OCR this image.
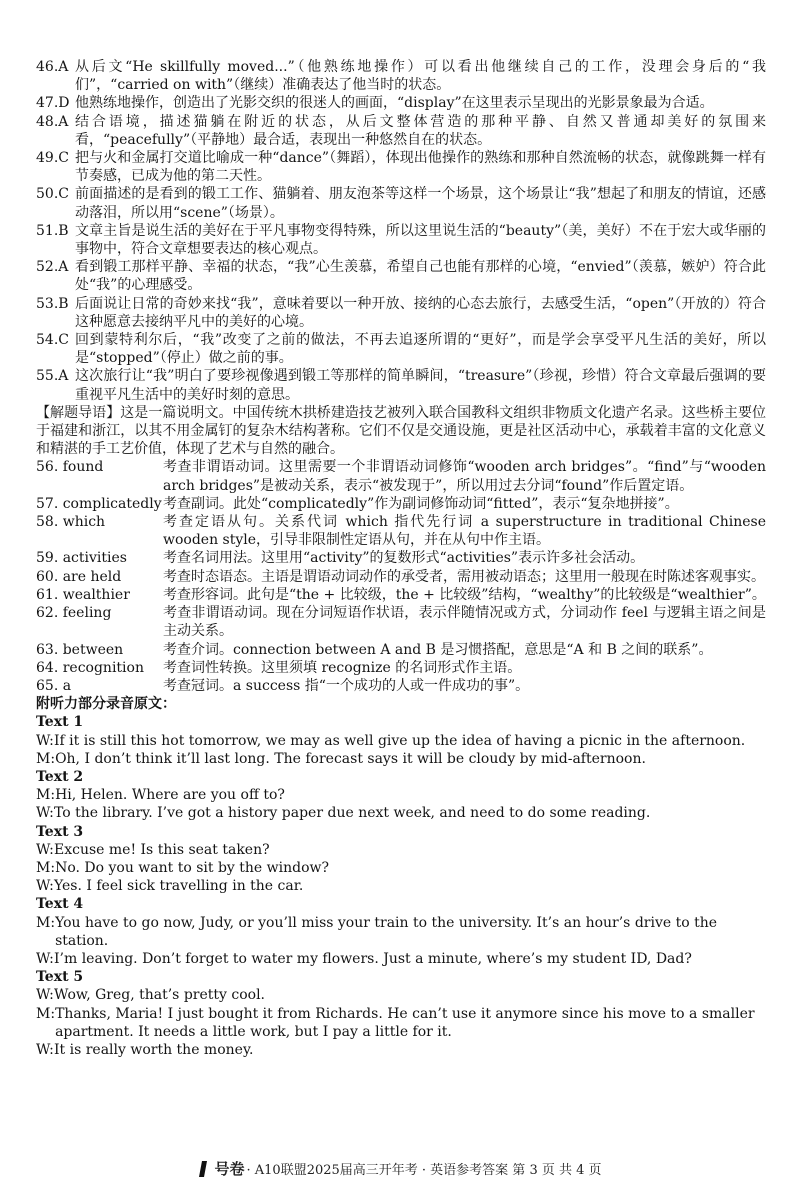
46.A 从后文“He skillfully moved...”（他熟练地操作）可以看出他继续自己的工作，没理会身后的“我们”，“carried on with”（继续）准确表达了他当时的状态。
47.D 他熟练地操作，创造出了光影交织的很迷人的画面，“display”在这里表示呈现出的光影景象最为合适。
48.A 结合语境，描述猫躺在附近的状态，从后文整体营造的那种平静、自然又普通却美好的氛围来看，“peacefully”（平静地）最合适，表现出一种悠然自在的状态。
49.C 把与火和金属打交道比喻成一种“dance”（舞蹈），体现出他操作的熟练和那种自然流畅的状态，就像跳舞一样有节奏感，已成为他的第二天性。
50.C 前面描述的是看到的锻工工作、猫躺着、朋友泡茶等这样一个场景，这个场景让“我”想起了和朋友的情谊，还感动落泪，所以用“scene”（场景）。
51.B 文章主旨是说生活的美好在于平凡事物变得特殊，所以这里说生活的“beauty”（美，美好）不在于宏大或华丽的事物中，符合文章想要表达的核心观点。
52.A 看到锻工那样平静、幸福的状态，“我”心生羡慕，希望自己也能有那样的心境，“envied”（羡慕，嫉妒）符合此处“我”的心理感受。
53.B 后面说让日常的奇妙来找“我”，意味着要以一种开放、接纳的心态去旅行，去感受生活，“open”（开放的）符合这种愿意去接纳平凡中的美好的心境。
54.C 回到蒙特利尔后，“我”改变了之前的做法，不再去追逐所谓的“更好”，而是学会享受平凡生活的美好，所以是“stopped”（停止）做之前的事。
55.A 这次旅行让“我”明白了要珍视像遇到锻工等那样的简单瞬间，“treasure”（珍视，珍惜）符合文章最后强调的要重视平凡生活中的美好时刻的意思。
【解题导语】这是一篇说明文。中国传统木拱桥建造技艺被列入联合国教科文组织非物质文化遗产名录。这些桥主要位于福建和浙江，以其不用金属钉的复杂木结构著称。它们不仅是交通设施，更是社区活动中心，承载着丰富的文化意义和精湛的手工艺价值，体现了艺术与自然的融合。
56. found	考查非谓语动词。这里需要一个非谓语动词修饰“wooden arch bridges”。“find”与“wooden arch bridges”是被动关系，表示“被发现于”，所以用过去分词“found”作后置定语。
57. complicatedly 考查副词。此处“complicatedly”作为副词修饰动词“fitted”，表示“复杂地拼接”。
58. which	考查定语从句。关系代词 which 指代先行词 a superstructure in traditional Chinese wooden style，引导非限制性定语从句，并在从句中作主语。
59. activities	考查名词用法。这里用“activity”的复数形式“activities”表示许多社会活动。
60. are held	考查时态语态。主语是谓语动词动作的承受者，需用被动语态；这里用一般现在时陈述客观事实。
61. wealthier	考查形容词。此句是“the + 比较级，the + 比较级”结构，“wealthy”的比较级是“wealthier”。
62. feeling	考查非谓语动词。现在分词短语作状语，表示伴随情况或方式，分词动作 feel 与逻辑主语之间是主动关系。
63. between	考查介词。connection between A and B 是习惯搭配，意思是“A 和 B 之间的联系”。
64. recognition	考查词性转换。这里须填 recognize 的名词形式作主语。
65. a	考查冠词。a success 指“一个成功的人或一件成功的事”。
附听力部分录音原文：
Text 1
W: If it is still this hot tomorrow, we may as well give up the idea of having a picnic in the afternoon.
M: Oh, I don’t think it’ll last long. The forecast says it will be cloudy by mid-afternoon.
Text 2
M: Hi, Helen. Where are you off to?
W: To the library. I’ve got a history paper due next week, and need to do some reading.
Text 3
W: Excuse me! Is this seat taken?
M: No. Do you want to sit by the window?
W: Yes. I feel sick travelling in the car.
Text 4
M: You have to go now, Judy, or you’ll miss your train to the university. It’s an hour’s drive to the station.
W: I’m leaving. Don’t forget to water my flowers. Just a minute, where’s my student ID, Dad?
Text 5
W: Wow, Greg, that’s pretty cool.
M: Thanks, Maria! I just bought it from Richards. He can’t use it anymore since his move to a smaller apartment. It needs a little work, but I pay a little for it.
W: It is really worth the money.
号卷 · A10联盟2025届高三开年考 · 英语参考答案 第 3 页 共 4 页
